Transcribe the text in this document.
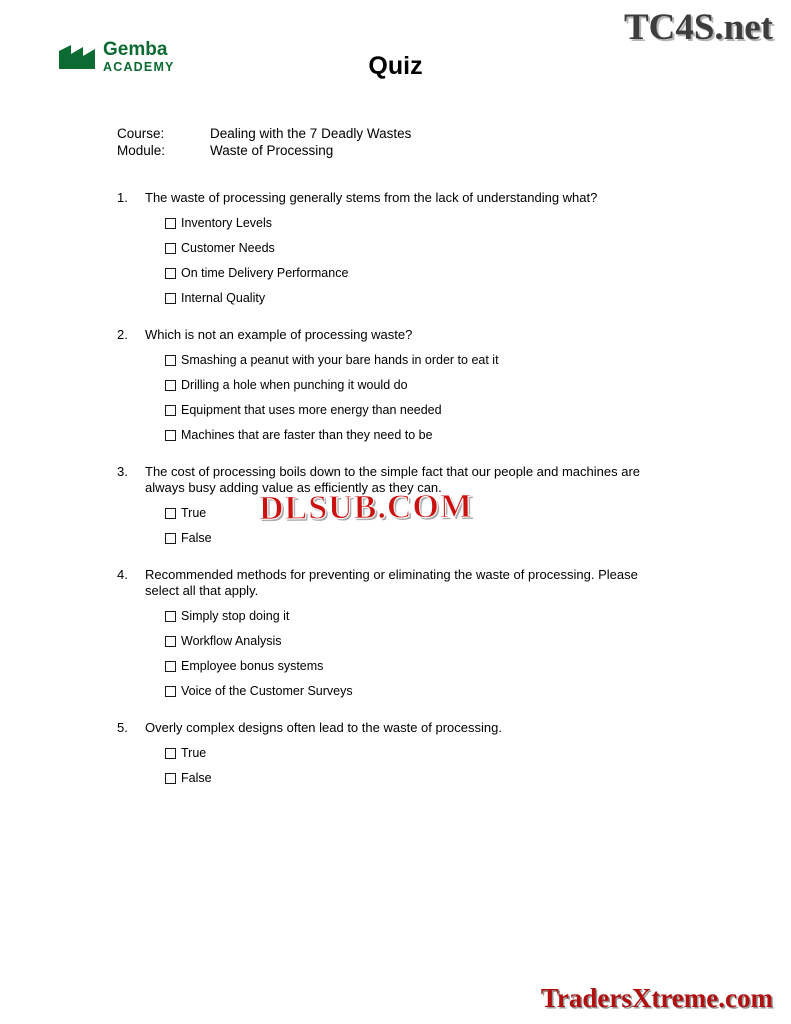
TC4S.net
DLSUB.COM
TradersXtreme.com
Gemba
ACADEMY	Quiz
Course:	Dealing with the 7 Deadly Wastes
Module:	Waste of Processing
1.	The waste of processing generally stems from the lack of understanding what?
Inventory Levels
Customer Needs
On time Delivery Performance
Internal Quality
2.	Which is not an example of processing waste?
Smashing a peanut with your bare hands in order to eat it
Drilling a hole when punching it would do
Equipment that uses more energy than needed
Machines that are faster than they need to be
3.	The cost of processing boils down to the simple fact that our people and machines are always busy adding value as efficiently as they can.
True
False
4.	Recommended methods for preventing or eliminating the waste of processing. Please select all that apply.
Simply stop doing it
Workflow Analysis
Employee bonus systems
Voice of the Customer Surveys
5.	Overly complex designs often lead to the waste of processing.
True
False
